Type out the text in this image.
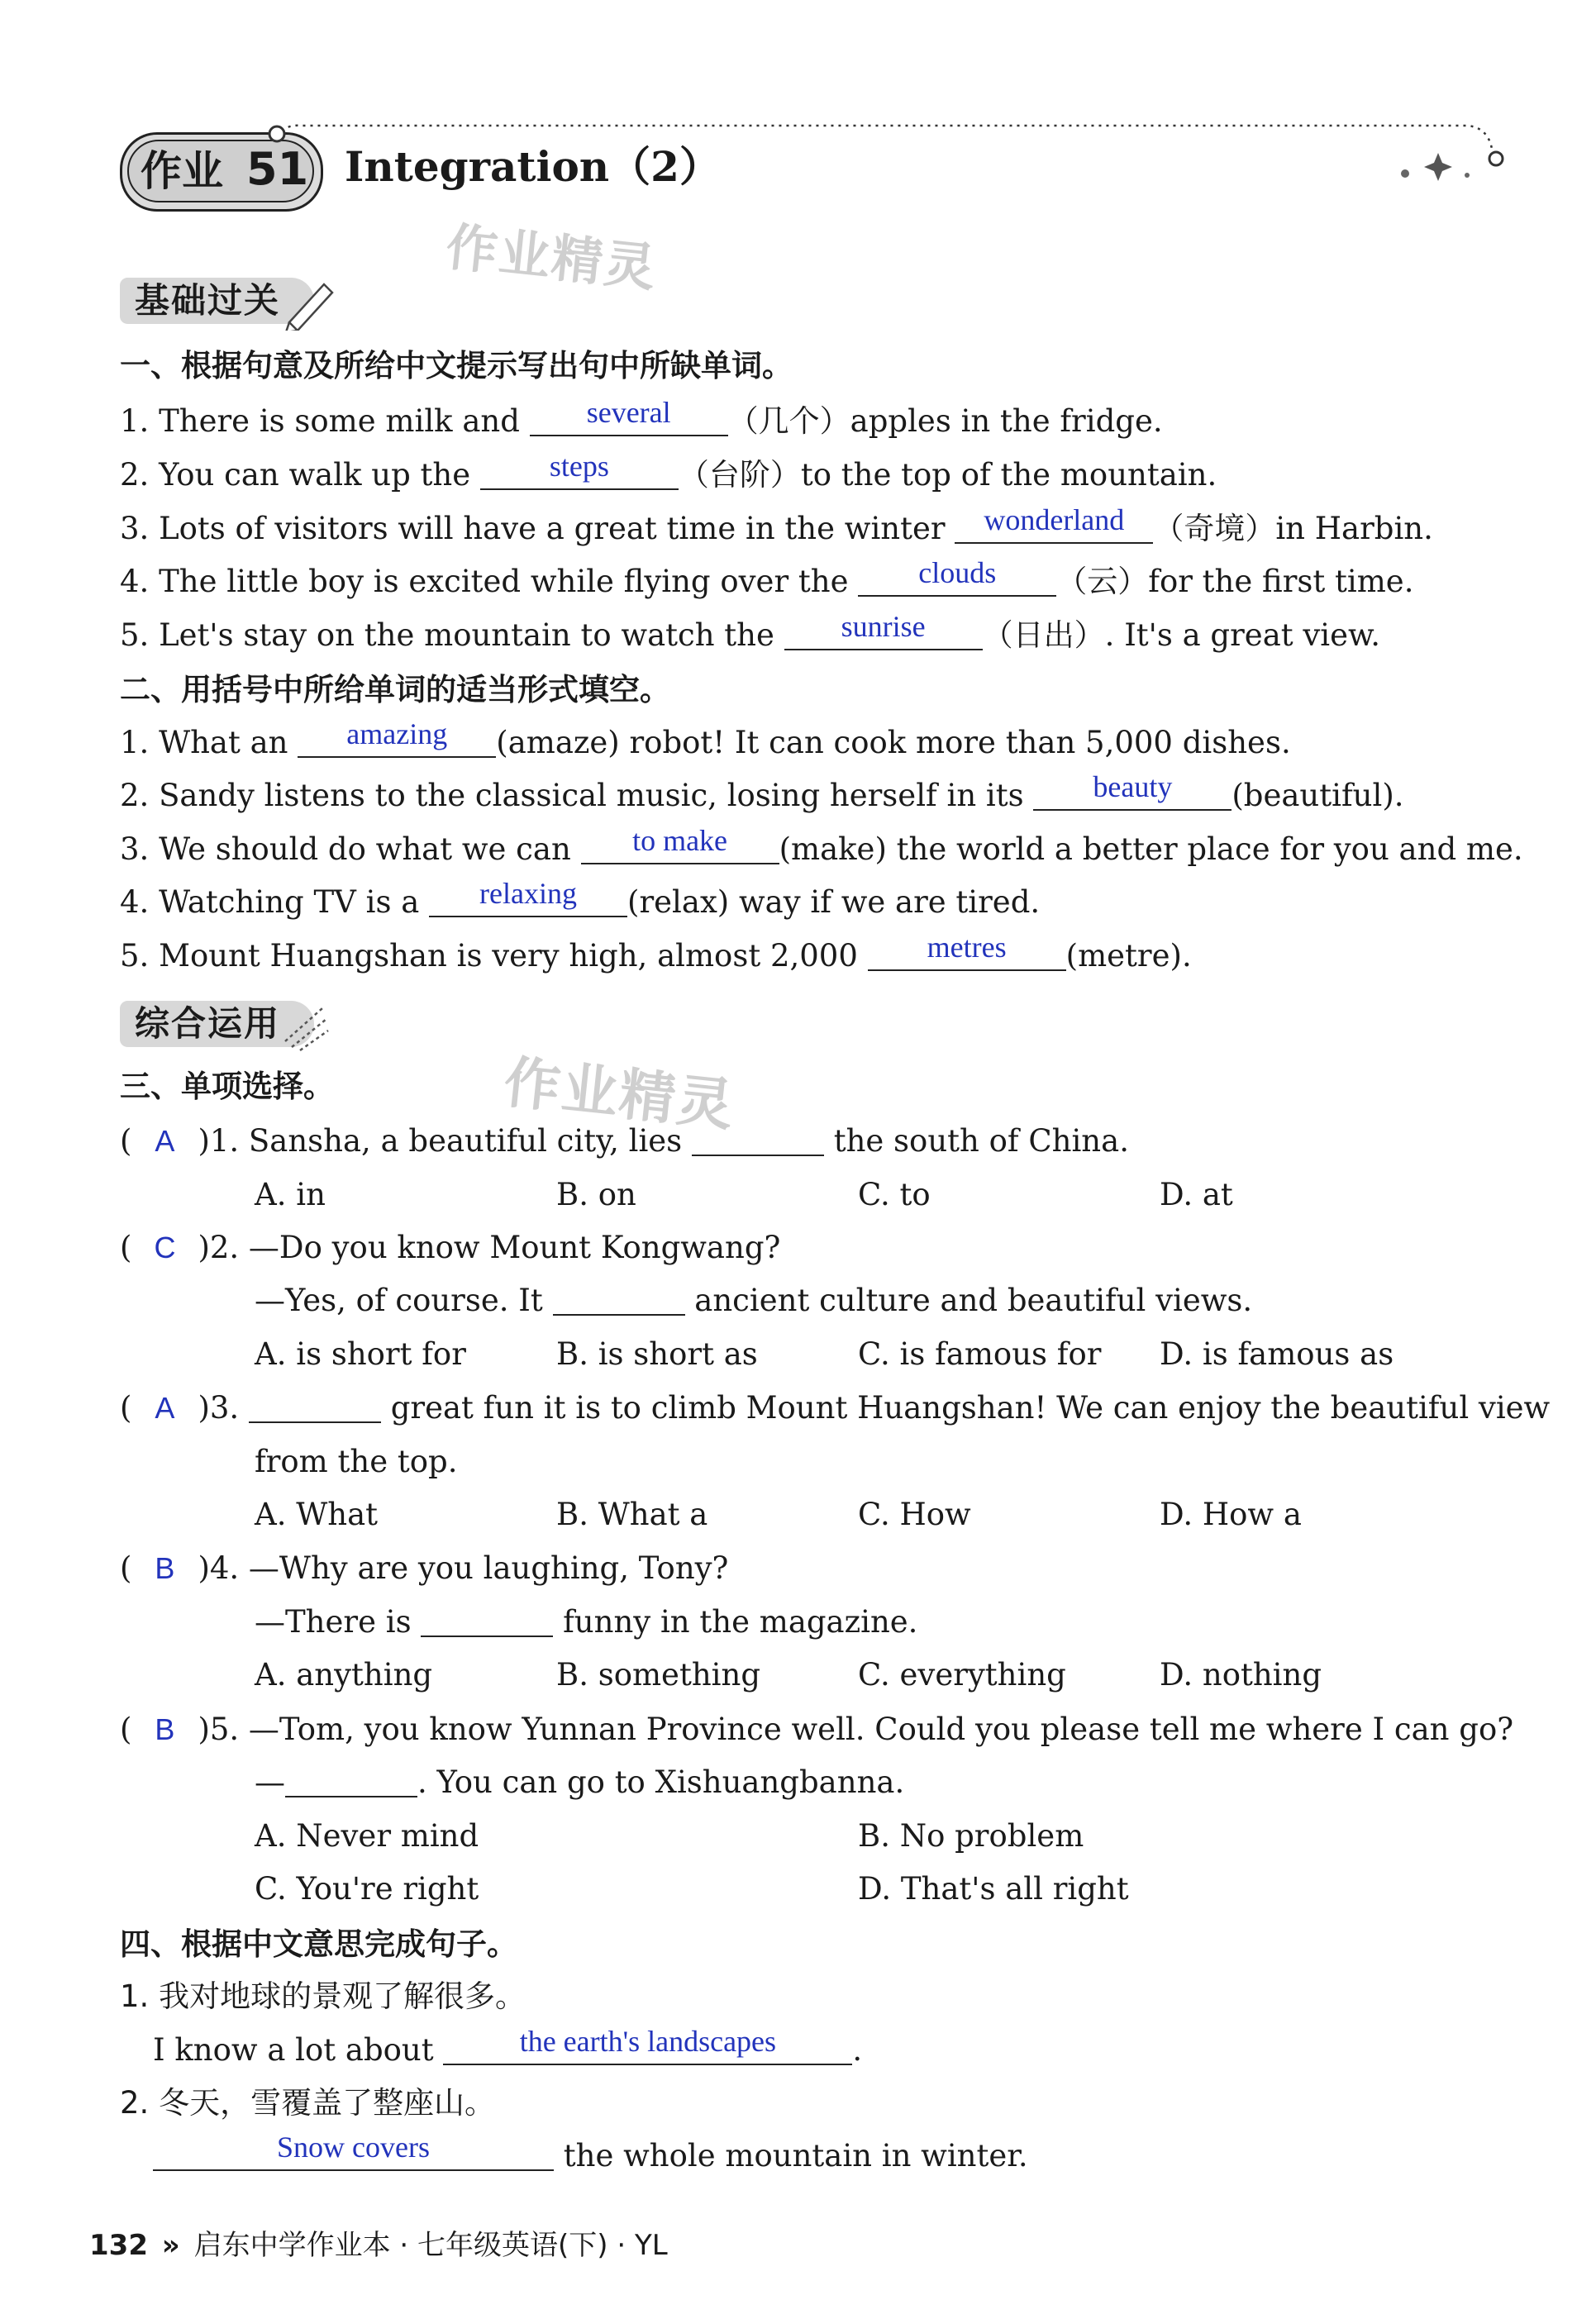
作业 51 Integration（2）
作业精灵
作业精灵
基础过关
一、根据句意及所给中文提示写出句中所缺单词。
1. There is some milk and	several	（几个）apples in the fridge.
2. You can walk up the	steps	（台阶）to the top of the mountain.
3. Lots of visitors will have a great time in the winter wonderland （奇境）in Harbin.
4. The little boy is excited while flying over the	clouds	（云）for the first time.
5. Let's stay on the mountain to watch the	sunrise	（日出）. It's a great view.
二、用括号中所给单词的适当形式填空。
1. What an	amazing	(amaze) robot! It can cook more than 5,000 dishes.
2. Sandy listens to the classical music, losing herself in its	beauty	(beautiful).
3. We should do what we can	to make	(make) the world a better place for you and me.
4. Watching TV is a	relaxing	(relax) way if we are tired.
5. Mount Huangshan is very high, almost 2,000	metres	(metre).
综合运用
三、单项选择。
( A )1. Sansha, a beautiful city, lies	the south of China.
A. in	B. on	C. to	D. at
( C )2. —Do you know Mount Kongwang?
—Yes, of course. It	ancient culture and beautiful views.
A. is short for	B. is short as	C. is famous for D. is famous as
( A )3.	great fun it is to climb Mount Huangshan! We can enjoy the beautiful view
from the top.
A. What	B. What a	C. How	D. How a
( B )4. —Why are you laughing, Tony?
—There is	funny in the magazine.
A. anything	B. something	C. everything	D. nothing
( B )5. —Tom, you know Yunnan Province well. Could you please tell me where I can go?
—	. You can go to Xishuangbanna.
A. Never mind	B. No problem
C. You're right	D. That's all right
四、根据中文意思完成句子。
1. 我对地球的景观了解很多。
I know a lot about	the earth's landscapes	.
2. 冬天，雪覆盖了整座山。
Snow covers	the whole mountain in winter.
132 » 启东中学作业本 · 七年级英语(下) · YL
